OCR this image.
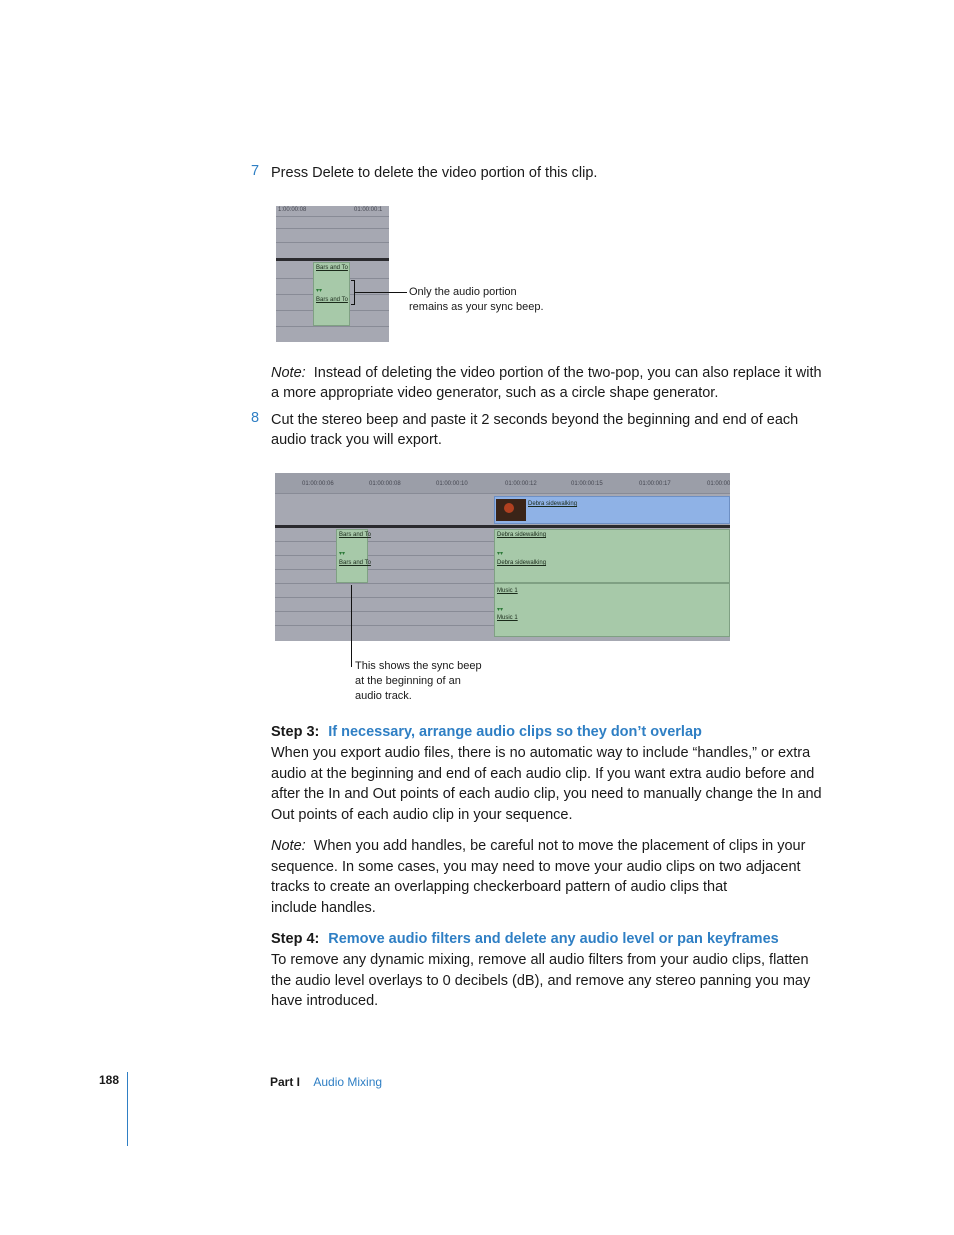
7 Press Delete to delete the video portion of this clip.
1:00:00:08	01:00:00:1
Bars and To
▾▾
Bars and To
Only the audio portion
remains as your sync beep.
Note: Instead of deleting the video portion of the two-pop, you can also replace it with
a more appropriate video generator, such as a circle shape generator.
8 Cut the stereo beep and paste it 2 seconds beyond the beginning and end of each
audio track you will export.
01:00:00:06	01:00:00:08	01:00:00:10	01:00:00:12	01:00:00:15	01:00:00:17	01:00:00
Debra sidewalking
Bars and To
▾▾
Bars and To
Debra sidewalking
▾▾
Debra sidewalking
Music 1
▾▾
Music 1
This shows the sync beep
at the beginning of an
audio track.
Step 3: If necessary, arrange audio clips so they don’t overlap
When you export audio files, there is no automatic way to include “handles,” or extra
audio at the beginning and end of each audio clip. If you want extra audio before and
after the In and Out points of each audio clip, you need to manually change the In and
Out points of each audio clip in your sequence.
Note: When you add handles, be careful not to move the placement of clips in your
sequence. In some cases, you may need to move your audio clips on two adjacent
tracks to create an overlapping checkerboard pattern of audio clips that
include handles.
Step 4: Remove audio filters and delete any audio level or pan keyframes
To remove any dynamic mixing, remove all audio filters from your audio clips, flatten
the audio level overlays to 0 decibels (dB), and remove any stereo panning you may
have introduced.
188	Part I Audio Mixing
